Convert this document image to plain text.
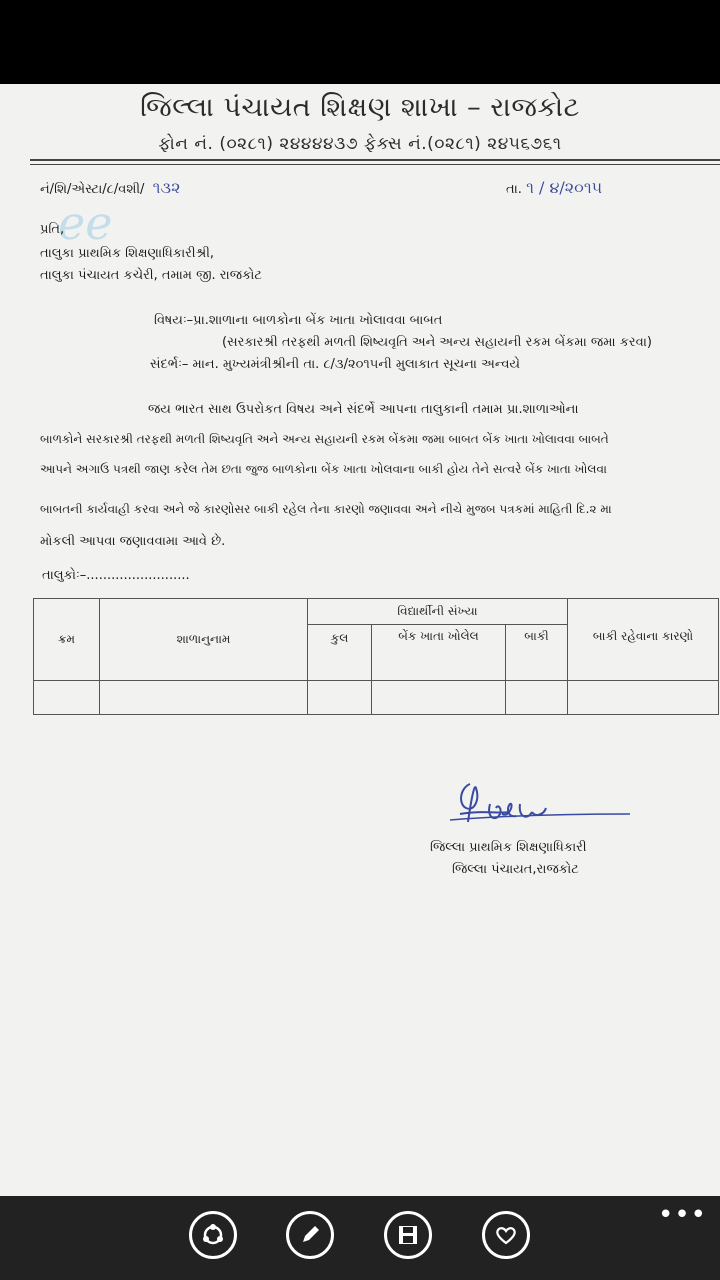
જિલ્લા પંચાયત શિક્ષણ શાખા – રાજકોટ
ફોન નં. (૦૨૮૧) ૨૪૪૪૪૩૭ ફેક્સ નં.(૦૨૮૧) ૨૪૫૬૭૬૧
નં/શિ/એસ્ટા/૮/વશી/ ૧૩૨	તા. ૧ / ૪/૨૦૧૫
ee
પ્રતિ,
તાલુકા પ્રાથમિક શિક્ષણાધિકારીશ્રી,
તાલુકા પંચાયત કચેરી, તમામ જી. રાજકોટ
વિષયઃ–પ્રા.શાળાના બાળકોના બેંક ખાતા ખોલાવવા બાબત
(સરકારશ્રી તરફથી મળતી શિષ્યવૃતિ અને અન્ય સહાયની રકમ બેંકમા જમા કરવા)
સંદર્ભઃ– માન. મુખ્યમંત્રીશ્રીની તા. ૮/૩/૨૦૧૫ની મુલાકાત સૂચના અન્વયે
જય ભારત સાથ ઉપરોકત વિષય અને સંદર્ભે આપના તાલુકાની તમામ પ્રા.શાળાઓના
બાળકોને સરકારશ્રી તરફથી મળતી શિષ્યવૃતિ અને અન્ય સહાયની રકમ બેંકમા જમા બાબત બેંક ખાતા ખોલાવવા બાબતે
આપને અગાઉ પત્રથી જાણ કરેલ તેમ છતા જુજ બાળકોના બેંક ખાતા ખોલવાના બાકી હોય તેને સત્વરે બેંક ખાતા ખોલવા
બાબતની કાર્યવાહી કરવા અને જે કારણોસર બાકી રહેલ તેના કારણો જણાવવા અને નીચે મુજબ પત્રકમાં માહિતી દિ.૨ મા
મોકલી આપવા જણાવવામા આવે છે.
તાલુકોઃ–.........................
ક્રમ	શાળાનુનામ	વિદ્યાર્થીની સંખ્યા			
		કુલ	બેંક ખાતા ખોલેલ	બાકી	બાકી રહેવાના કારણો

જિલ્લા પ્રાથમિક શિક્ષણાધિકારી
જિલ્લા પંચાયત,રાજકોટ
•••
